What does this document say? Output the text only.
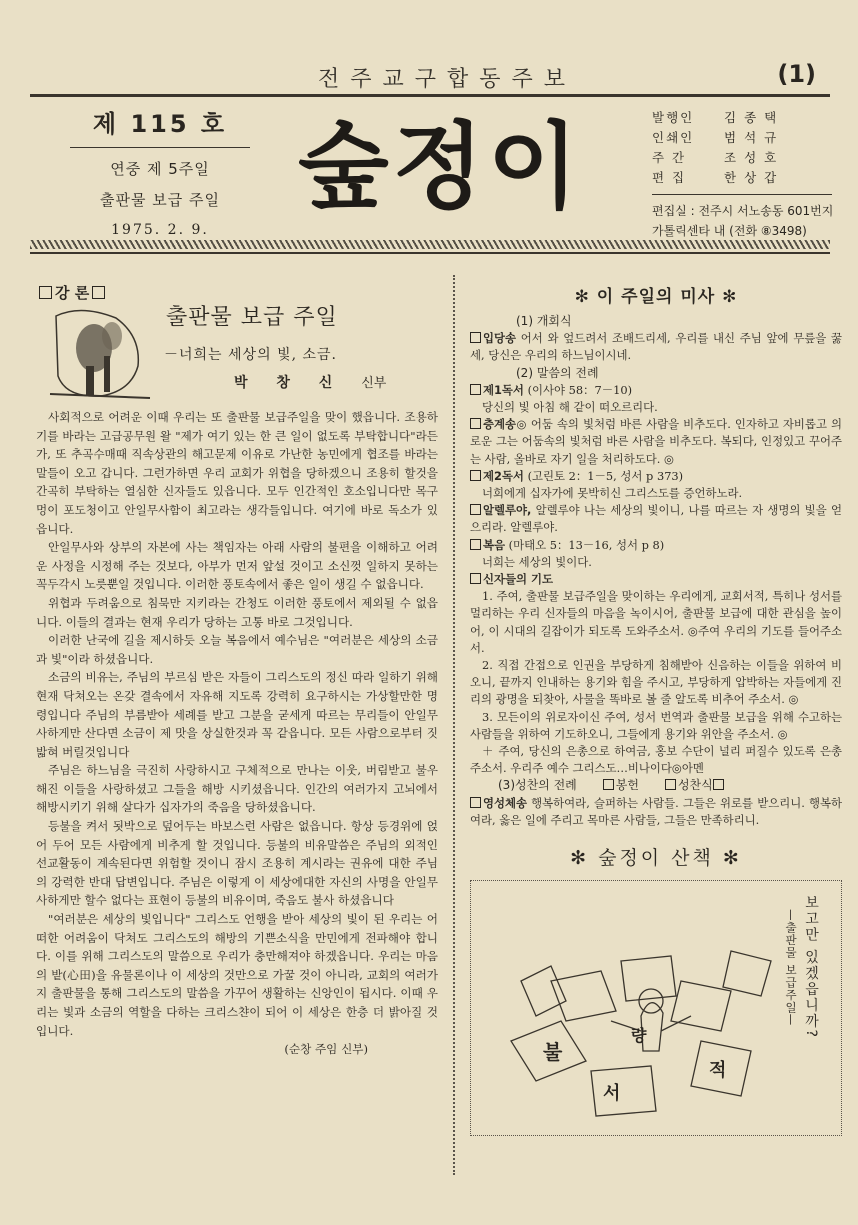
전주교구합동주보	(1)
제 115 호
연중 제 5주일
출판물 보급 주일
1975. 2. 9.
숲정이	발행인	김종택
인쇄인	범석규
주 간	조성호
편 집	한상갑
편집실 : 전주시 서노송동 601번지
가톨릭센타 내 (전화 ⑧3498)
강 론
출판물 보급 주일
－너희는 세상의 빛, 소금.
박 창 신 신부

사회적으로 어려운 이때 우리는 또 출판물 보급주일을 맞이 했읍니다. 조용하기를 바라는 고급공무원 왈 "제가 여기 있는 한 큰 일이 없도록 부탁합니다"라든가, 또 추곡수매때 직속상관의 해고문제 이유로 가난한 농민에게 협조를 바라는 말들이 오고 갑니다. 그런가하면 우리 교회가 위협을 당하겠으니 조용히 할것을 간곡히 부탁하는 열심한 신자들도 있읍니다. 모두 인간적인 호소입니다만 목구멍이 포도청이고 안일무사함이 최고라는 생각들입니다. 여기에 바로 독소가 있읍니다.

안일무사와 상부의 자본에 사는 책임자는 아래 사람의 불편을 이해하고 어려운 사정을 시정해 주는 것보다, 아부가 먼저 앞설 것이고 소신껏 일하지 못하는 꼭두각시 노릇뿐일 것입니다. 이러한 풍토속에서 좋은 일이 생길 수 없읍니다.

위협과 두려움으로 침묵만 지키라는 간청도 이러한 풍토에서 제외될 수 없읍니다. 이들의 결과는 현재 우리가 당하는 고통 바로 그것입니다.

이러한 난국에 길을 제시하듯 오늘 복음에서 예수님은 "여러분은 세상의 소금과 빛"이라 하셨읍니다.

소금의 비유는, 주님의 부르심 받은 자들이 그리스도의 정신 따라 일하기 위해 현재 닥쳐오는 온갖 결속에서 자유해 지도록 강력히 요구하시는 가상할만한 명령입니다 주님의 부름받아 세례를 받고 그분을 굳세게 따르는 무리들이 안일무사하게만 산다면 소금이 제 맛을 상실한것과 꼭 같읍니다. 모든 사람으로부터 짓밟혀 버릴것입니다

주님은 하느님을 극진히 사랑하시고 구체적으로 만나는 이웃, 버림받고 불우해진 이들을 사랑하셨고 그들을 해방 시키셨읍니다. 인간의 여러가지 고뇌에서 해방시키기 위해 살다가 십자가의 죽음을 당하셨읍니다.

등불을 켜서 됫박으로 덮어두는 바보스런 사람은 없읍니다. 항상 등경위에 얹어 두어 모든 사람에게 비추게 할 것입니다. 등불의 비유말씀은 주님의 외적인 선교활동이 계속된다면 위험할 것이니 잠시 조용히 계시라는 권유에 대한 주님의 강력한 반대 답변입니다. 주님은 이렇게 이 세상에대한 자신의 사명을 안일무사하게만 할수 없다는 표현이 등불의 비유이며, 죽음도 불사 하셨읍니다

"여러분은 세상의 빛입니다" 그리스도 언행을 받아 세상의 빛이 된 우리는 어떠한 어려움이 닥쳐도 그리스도의 해방의 기쁜소식을 만민에게 전파해야 합니다. 이를 위해 그리스도의 말씀으로 우리가 충만해져야 하겠읍니다. 우리는 마음의 밭(心田)을 유물론이나 이 세상의 것만으로 가꿀 것이 아니라, 교회의 여러가지 출판물을 통해 그리스도의 말씀을 가꾸어 생활하는 신앙인이 됩시다. 이때 우리는 빛과 소금의 역할을 다하는 크리스챤이 되어 이 세상은 한층 더 밝아질 것입니다.

(순창 주임 신부)
✻ 이 주일의 미사 ✻
(1) 개회식
입당송 어서 와 엎드려서 조배드리세, 우리를 내신 주님 앞에 무릎을 꿇세, 당신은 우리의 하느님이시네.
(2) 말씀의 전례
제1독서 (이사야 58：7－10)
당신의 빛 아침 해 같이 떠오르리다.
층계송◎ 어둠 속의 빛처럼 바른 사람을 비추도다. 인자하고 자비롭고 의로운 그는 어둠속의 빛처럼 바른 사람을 비추도다. 복되다, 인정있고 꾸어주는 사람, 올바로 자기 일을 처리하도다. ◎
제2독서 (고린토 2：1－5, 성서 p 373)
너희에게 십자가에 못박히신 그리스도를 증언하노라.
알렐루야, 알렐루야 나는 세상의 빛이니, 나를 따르는 자 생명의 빛을 얻으리라. 알렐루야.
복음 (마태오 5：13－16, 성서 p 8)
너희는 세상의 빛이다.
신자들의 기도
1. 주여, 출판물 보급주일을 맞이하는 우리에게, 교회서적, 특히나 성서를 멀리하는 우리 신자들의 마음을 녹이시어, 출판물 보급에 대한 관심을 높이어, 이 시대의 길잡이가 되도록 도와주소서. ◎주여 우리의 기도를 들어주소서.
2. 직접 간접으로 인권을 부당하게 침해받아 신음하는 이들을 위하여 비오니, 끝까지 인내하는 용기와 힘을 주시고, 부당하게 압박하는 자들에게 진리의 광명을 되찾아, 사물을 똑바로 볼 줄 알도록 비추어 주소서. ◎
3. 모든이의 위로자이신 주여, 성서 번역과 출판물 보급을 위해 수고하는 사람들을 위하여 기도하오니, 그들에게 용기와 위안을 주소서. ◎
＋ 주여, 당신의 은총으로 하여금, 홍보 수단이 널리 퍼질수 있도록 은총 주소서. 우리주 예수 그리스도…비나이다◎아멘
(3)성찬의 전례	봉헌	성찬식
영성체송 행복하여라, 슬퍼하는 사람들. 그들은 위로를 받으리니. 행복하여라, 옳은 일에 주리고 목마른 사람들, 그들은 만족하리니.
✻ 숲정이 산책 ✻
불
량
서
적
보고만 있겠읍니까?
—출판물 보급주일—
